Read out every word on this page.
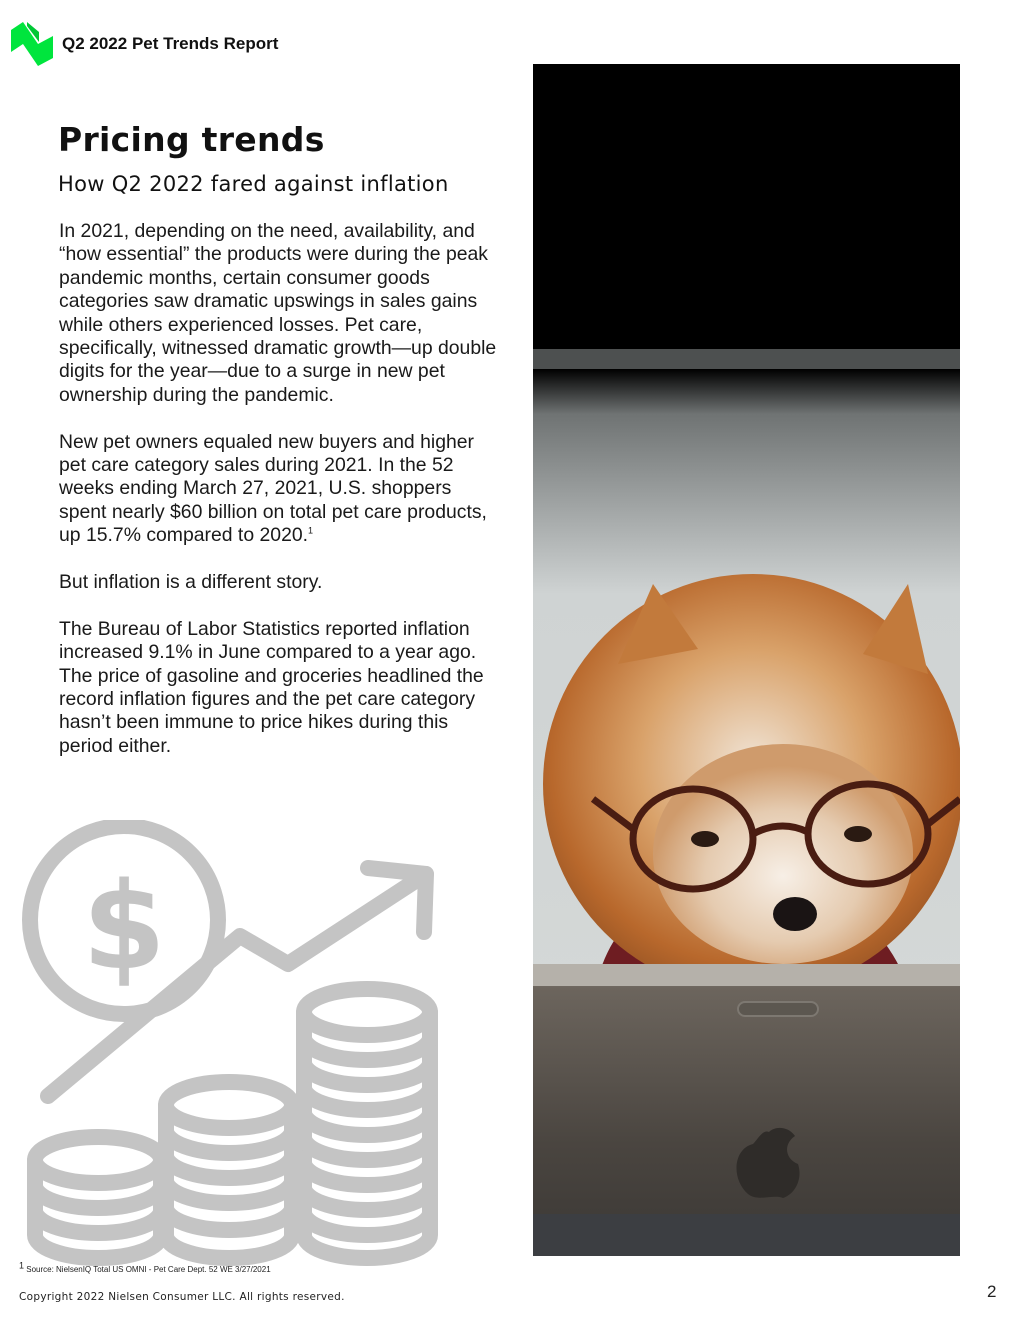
Q2 2022 Pet Trends Report
Pricing trends
How Q2 2022 fared against inflation

In 2021, depending on the need, availability, and “how essential” the products were during the peak pandemic months, certain consumer goods categories saw dramatic upswings in sales gains while others experienced losses. Pet care, specifically, witnessed dramatic growth—up double digits for the year—due to a surge in new pet ownership during the pandemic.

New pet owners equaled new buyers and higher pet care category sales during 2021. In the 52 weeks ending March 27, 2021, U.S. shoppers spent nearly $60 billion on total pet care products, up 15.7% compared to 2020.$^1$

But inflation is a different story.

The Bureau of Labor Statistics reported inflation increased 9.1% in June compared to a year ago. The price of gasoline and groceries headlined the record inflation figures and the pet care category hasn’t been immune to price hikes during this period either.

$
1 Source: NielsenIQ Total US OMNI - Pet Care Dept. 52 WE 3/27/2021
Copyright 2022 Nielsen Consumer LLC. All rights reserved.	2
